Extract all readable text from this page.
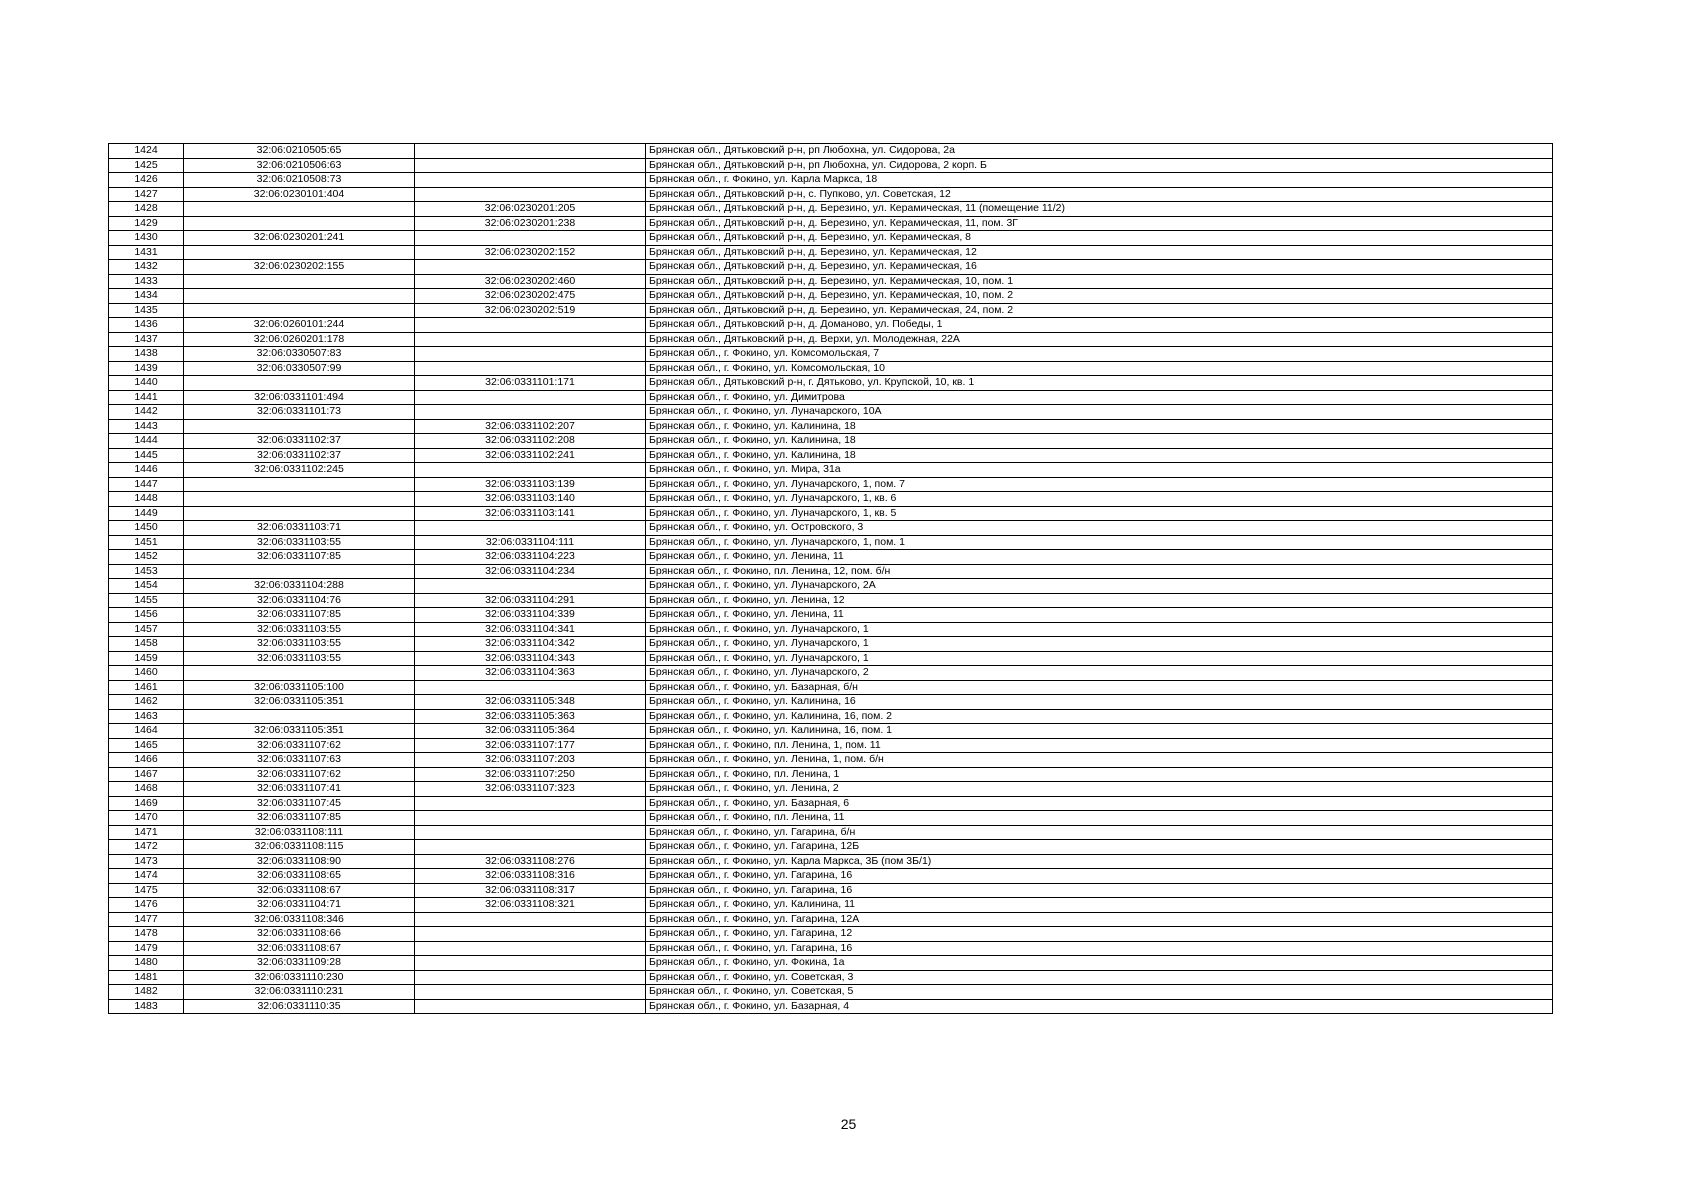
1424	32:06:0210505:65		Брянская обл., Дятьковский р-н, рп Любохна, ул. Сидорова, 2а
1425	32:06:0210506:63		Брянская обл., Дятьковский р-н, рп Любохна, ул. Сидорова, 2 корп. Б
1426	32:06:0210508:73		Брянская обл., г. Фокино, ул. Карла Маркса, 18
1427	32:06:0230101:404		Брянская обл., Дятьковский р-н, с. Пупково, ул. Советская, 12
1428		32:06:0230201:205	Брянская обл., Дятьковский р-н, д. Березино, ул. Керамическая, 11 (помещение 11/2)
1429		32:06:0230201:238	Брянская обл., Дятьковский р-н, д. Березино, ул. Керамическая, 11, пом. 3Г
1430	32:06:0230201:241		Брянская обл., Дятьковский р-н, д. Березино, ул. Керамическая, 8
1431		32:06:0230202:152	Брянская обл., Дятьковский р-н, д. Березино, ул. Керамическая, 12
1432	32:06:0230202:155		Брянская обл., Дятьковский р-н, д. Березино, ул. Керамическая, 16
1433		32:06:0230202:460	Брянская обл., Дятьковский р-н, д. Березино, ул. Керамическая, 10, пом. 1
1434		32:06:0230202:475	Брянская обл., Дятьковский р-н, д. Березино, ул. Керамическая, 10, пом. 2
1435		32:06:0230202:519	Брянская обл., Дятьковский р-н, д. Березино, ул. Керамическая, 24, пом. 2
1436	32:06:0260101:244		Брянская обл., Дятьковский р-н, д. Доманово, ул. Победы, 1
1437	32:06:0260201:178		Брянская обл., Дятьковский р-н, д. Верхи, ул. Молодежная, 22А
1438	32:06:0330507:83		Брянская обл., г. Фокино, ул. Комсомольская, 7
1439	32:06:0330507:99		Брянская обл., г. Фокино, ул. Комсомольская, 10
1440		32:06:0331101:171	Брянская обл., Дятьковский р-н, г. Дятьково, ул. Крупской, 10, кв. 1
1441	32:06:0331101:494		Брянская обл., г. Фокино, ул. Димитрова
1442	32:06:0331101:73		Брянская обл., г. Фокино, ул. Луначарского, 10А
1443		32:06:0331102:207	Брянская обл., г. Фокино, ул. Калинина, 18
1444	32:06:0331102:37	32:06:0331102:208	Брянская обл., г. Фокино, ул. Калинина, 18
1445	32:06:0331102:37	32:06:0331102:241	Брянская обл., г. Фокино, ул. Калинина, 18
1446	32:06:0331102:245		Брянская обл., г. Фокино, ул. Мира, 31а
1447		32:06:0331103:139	Брянская обл., г. Фокино, ул. Луначарского, 1, пом. 7
1448		32:06:0331103:140	Брянская обл., г. Фокино, ул. Луначарского, 1, кв. 6
1449		32:06:0331103:141	Брянская обл., г. Фокино, ул. Луначарского, 1, кв. 5
1450	32:06:0331103:71		Брянская обл., г. Фокино, ул. Островского, 3
1451	32:06:0331103:55	32:06:0331104:111	Брянская обл., г. Фокино, ул. Луначарского, 1, пом. 1
1452	32:06:0331107:85	32:06:0331104:223	Брянская обл., г. Фокино, ул. Ленина, 11
1453		32:06:0331104:234	Брянская обл., г. Фокино, пл. Ленина, 12, пом. б/н
1454	32:06:0331104:288		Брянская обл., г. Фокино, ул. Луначарского, 2А
1455	32:06:0331104:76	32:06:0331104:291	Брянская обл., г. Фокино, ул. Ленина, 12
1456	32:06:0331107:85	32:06:0331104:339	Брянская обл., г. Фокино, ул. Ленина, 11
1457	32:06:0331103:55	32:06:0331104:341	Брянская обл., г. Фокино, ул. Луначарского, 1
1458	32:06:0331103:55	32:06:0331104:342	Брянская обл., г. Фокино, ул. Луначарского, 1
1459	32:06:0331103:55	32:06:0331104:343	Брянская обл., г. Фокино, ул. Луначарского, 1
1460		32:06:0331104:363	Брянская обл., г. Фокино, ул. Луначарского, 2
1461	32:06:0331105:100		Брянская обл., г. Фокино, ул. Базарная, б/н
1462	32:06:0331105:351	32:06:0331105:348	Брянская обл., г. Фокино, ул. Калинина, 16
1463		32:06:0331105:363	Брянская обл., г. Фокино, ул. Калинина, 16, пом. 2
1464	32:06:0331105:351	32:06:0331105:364	Брянская обл., г. Фокино, ул. Калинина, 16, пом. 1
1465	32:06:0331107:62	32:06:0331107:177	Брянская обл., г. Фокино, пл. Ленина, 1, пом. 11
1466	32:06:0331107:63	32:06:0331107:203	Брянская обл., г. Фокино, ул. Ленина, 1, пом. б/н
1467	32:06:0331107:62	32:06:0331107:250	Брянская обл., г. Фокино, пл. Ленина, 1
1468	32:06:0331107:41	32:06:0331107:323	Брянская обл., г. Фокино, ул. Ленина, 2
1469	32:06:0331107:45		Брянская обл., г. Фокино, ул. Базарная, 6
1470	32:06:0331107:85		Брянская обл., г. Фокино, пл. Ленина, 11
1471	32:06:0331108:111		Брянская обл., г. Фокино, ул. Гагарина, б/н
1472	32:06:0331108:115		Брянская обл., г. Фокино, ул. Гагарина, 12Б
1473	32:06:0331108:90	32:06:0331108:276	Брянская обл., г. Фокино, ул. Карла Маркса, 3Б (пом 3Б/1)
1474	32:06:0331108:65	32:06:0331108:316	Брянская обл., г. Фокино, ул. Гагарина, 16
1475	32:06:0331108:67	32:06:0331108:317	Брянская обл., г. Фокино, ул. Гагарина, 16
1476	32:06:0331104:71	32:06:0331108:321	Брянская обл., г. Фокино, ул. Калинина, 11
1477	32:06:0331108:346		Брянская обл., г. Фокино, ул. Гагарина, 12А
1478	32:06:0331108:66		Брянская обл., г. Фокино, ул. Гагарина, 12
1479	32:06:0331108:67		Брянская обл., г. Фокино, ул. Гагарина, 16
1480	32:06:0331109:28		Брянская обл., г. Фокино, ул. Фокина, 1а
1481	32:06:0331110:230		Брянская обл., г. Фокино, ул. Советская, 3
1482	32:06:0331110:231		Брянская обл., г. Фокино, ул. Советская, 5
1483	32:06:0331110:35		Брянская обл., г. Фокино, ул. Базарная, 4
25
